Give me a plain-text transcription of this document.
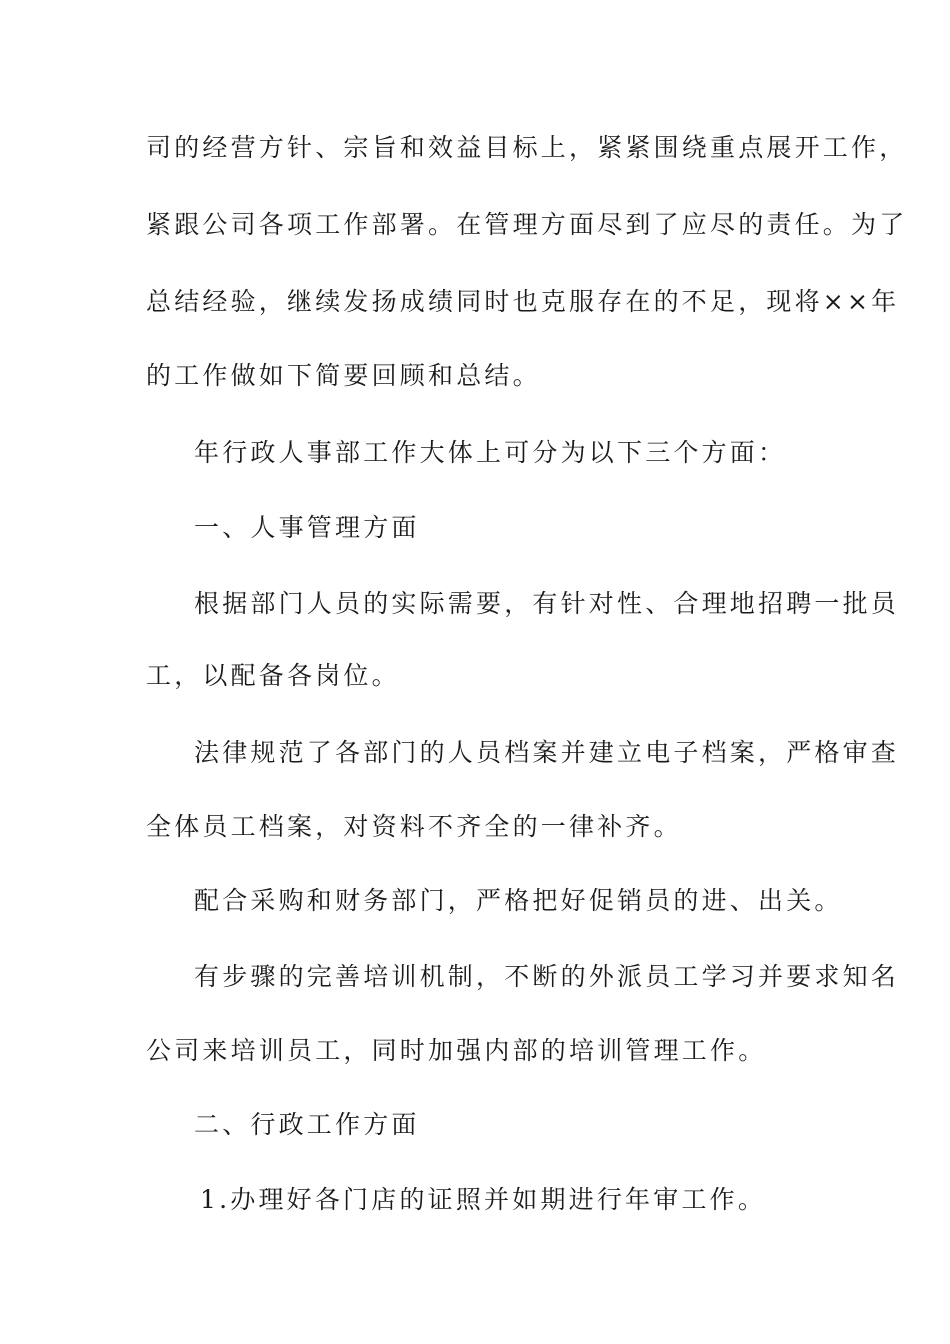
司的经营方针、宗旨和效益目标上，紧紧围绕重点展开工作，
紧跟公司各项工作部署。在管理方面尽到了应尽的责任。为了
总结经验，继续发扬成绩同时也克服存在的不足，现将××年
的工作做如下简要回顾和总结。
年行政人事部工作大体上可分为以下三个方面：
一、人事管理方面
根据部门人员的实际需要，有针对性、合理地招聘一批员
工，以配备各岗位。
法律规范了各部门的人员档案并建立电子档案，严格审查
全体员工档案，对资料不齐全的一律补齐。
配合采购和财务部门，严格把好促销员的进、出关。
有步骤的完善培训机制，不断的外派员工学习并要求知名
公司来培训员工，同时加强内部的培训管理工作。
二、行政工作方面
1.办理好各门店的证照并如期进行年审工作。
